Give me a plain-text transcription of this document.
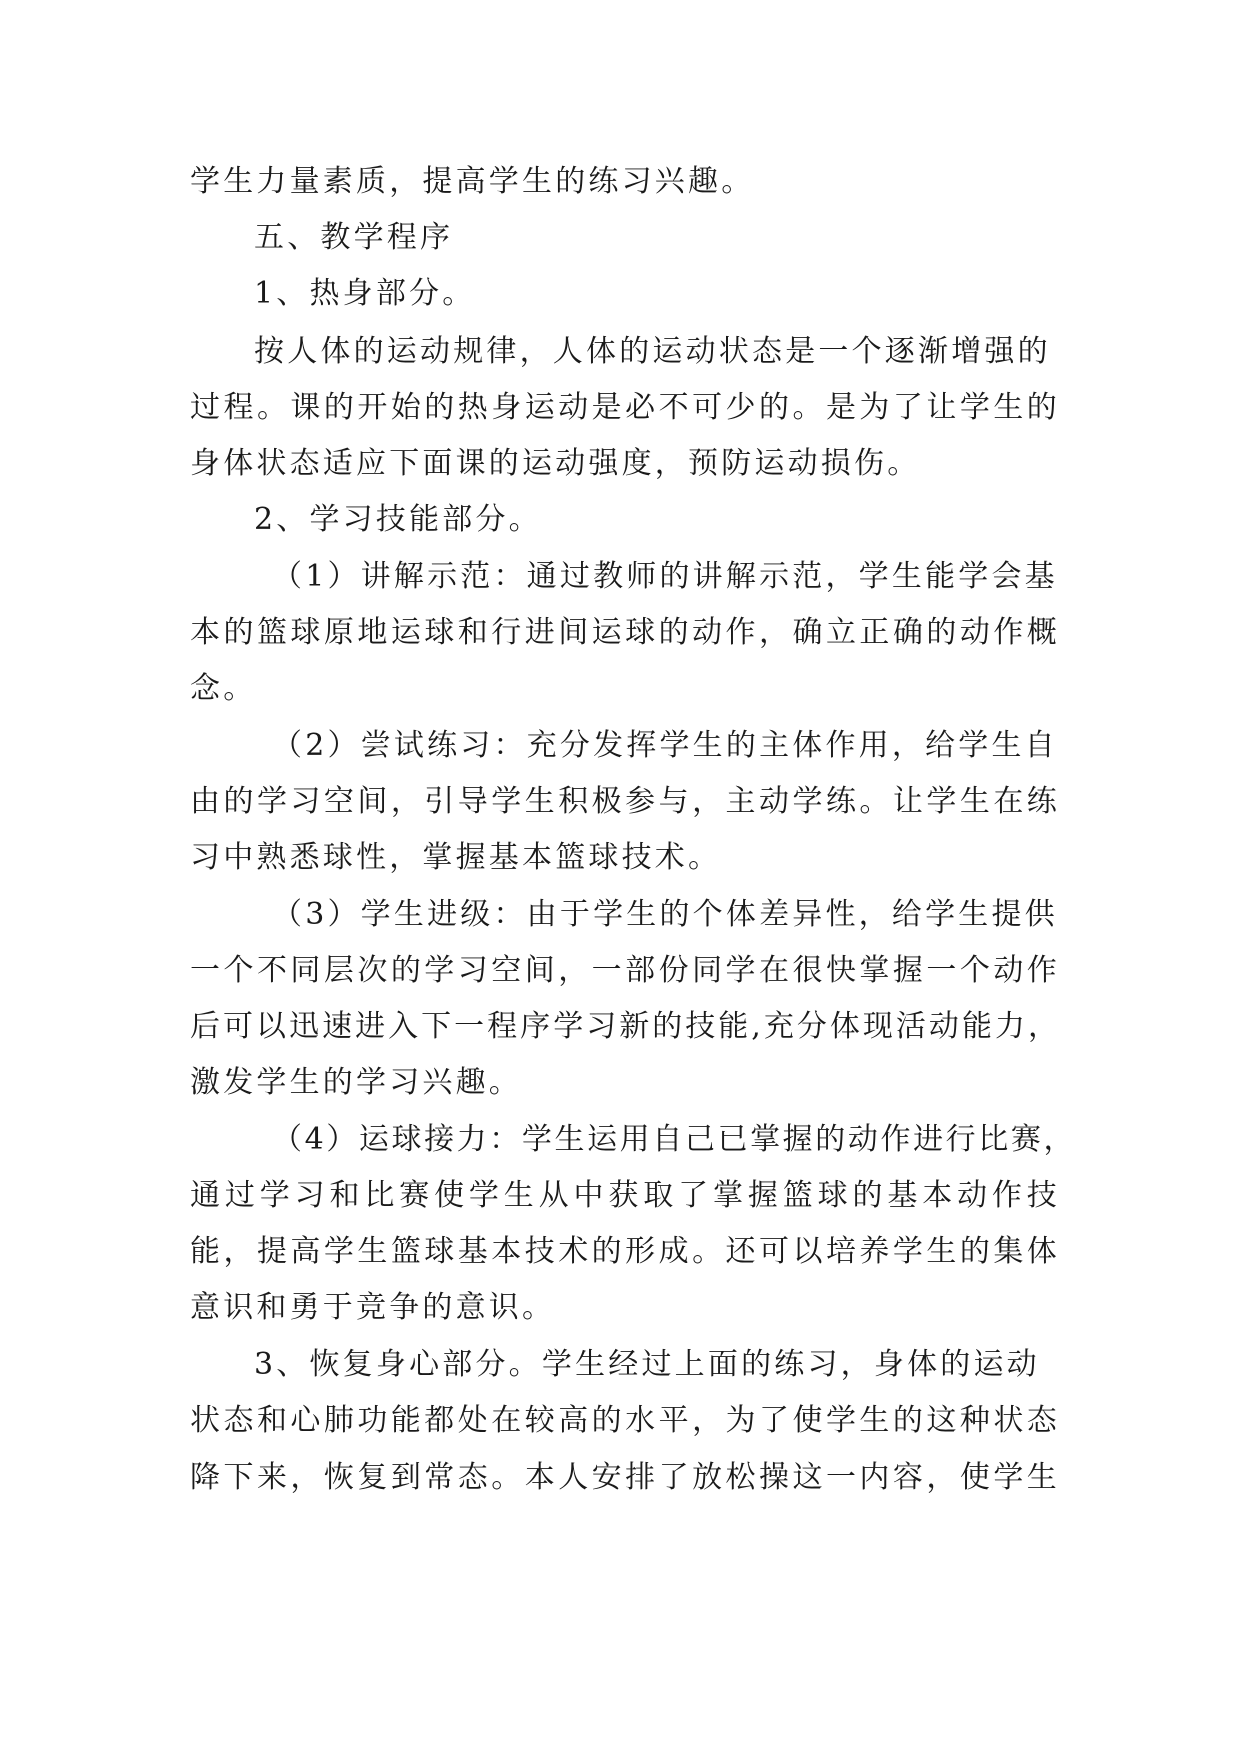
学生力量素质，提高学生的练习兴趣。
五、教学程序
1、热身部分。
按人体的运动规律，人体的运动状态是一个逐渐增强的
过程。课的开始的热身运动是必不可少的。是为了让学生的
身体状态适应下面课的运动强度，预防运动损伤。
2、学习技能部分。
（1）讲解示范：通过教师的讲解示范，学生能学会基
本的篮球原地运球和行进间运球的动作，确立正确的动作概
念。
（2）尝试练习：充分发挥学生的主体作用，给学生自
由的学习空间，引导学生积极参与，主动学练。让学生在练
习中熟悉球性，掌握基本篮球技术。
（3）学生进级：由于学生的个体差异性，给学生提供
一个不同层次的学习空间，一部份同学在很快掌握一个动作
后可以迅速进入下一程序学习新的技能,充分体现活动能力，
激发学生的学习兴趣。
（4）运球接力：学生运用自己已掌握的动作进行比赛，
通过学习和比赛使学生从中获取了掌握篮球的基本动作技
能，提高学生篮球基本技术的形成。还可以培养学生的集体
意识和勇于竞争的意识。
3、恢复身心部分。学生经过上面的练习，身体的运动
状态和心肺功能都处在较高的水平，为了使学生的这种状态
降下来，恢复到常态。本人安排了放松操这一内容，使学生
